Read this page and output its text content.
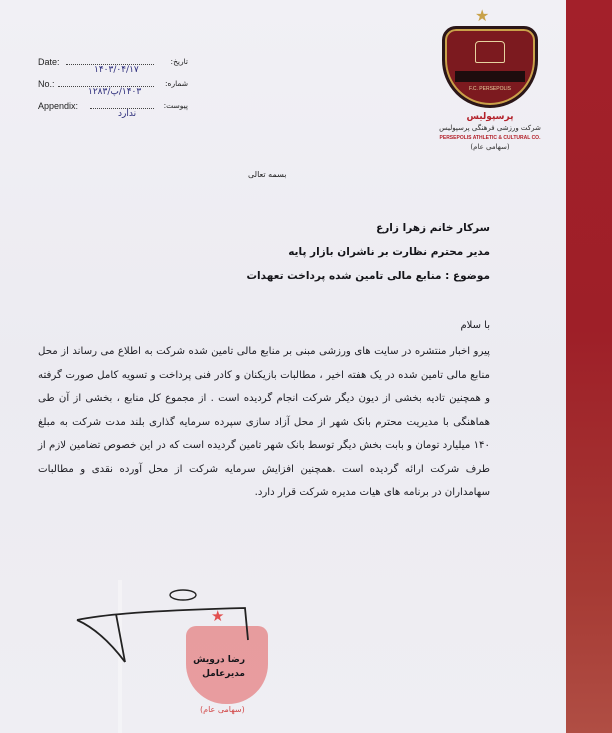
Date:	تاریخ:
۱۴۰۳/۰۴/۱۷
No.:	شماره:
۱۴۰۳/پ/۱۲۸۳
Appendix:	پیوست:
ندارد
★
F.C. PERSEPOLIS
پرسپولیس
شرکت ورزشی فرهنگی پرسپولیس
PERSEPOLIS ATHLETIC & CULTURAL CO.
(سهامی عام)
بسمه تعالی
سرکار خانم زهرا زارع
مدیر محترم نظارت بر ناشران بازار پایه
موضوع : منابع مالی تامین شده پرداخت تعهدات
با سلام
پیرو اخبار منتشره در سایت های ورزشی مبنی بر منابع مالی تامین شده شرکت به اطلاع می رساند از محل منابع مالی تامین شده در یک هفته اخیر ، مطالبات بازیکنان و کادر فنی پرداخت و تسویه کامل صورت گرفته و همچنین تادیه بخشی از دیون دیگر شرکت انجام گردیده است . از مجموع کل منابع ، بخشی از آن طی هماهنگی با مدیریت محترم بانک شهر از محل آزاد سازی سپرده سرمایه گذاری بلند مدت شرکت به مبلغ ۱۴۰ میلیارد تومان و بابت بخش دیگر توسط بانک شهر تامین گردیده است که در این خصوص تضامین لازم از طرف شرکت ارائه گردیده است .همچنین افزایش سرمایه شرکت از محل آورده نقدی و مطالبات سهامداران در برنامه های هیات مدیره شرکت قرار دارد.
★
(سهامی عام)
رضا درویش
مدیرعامل
